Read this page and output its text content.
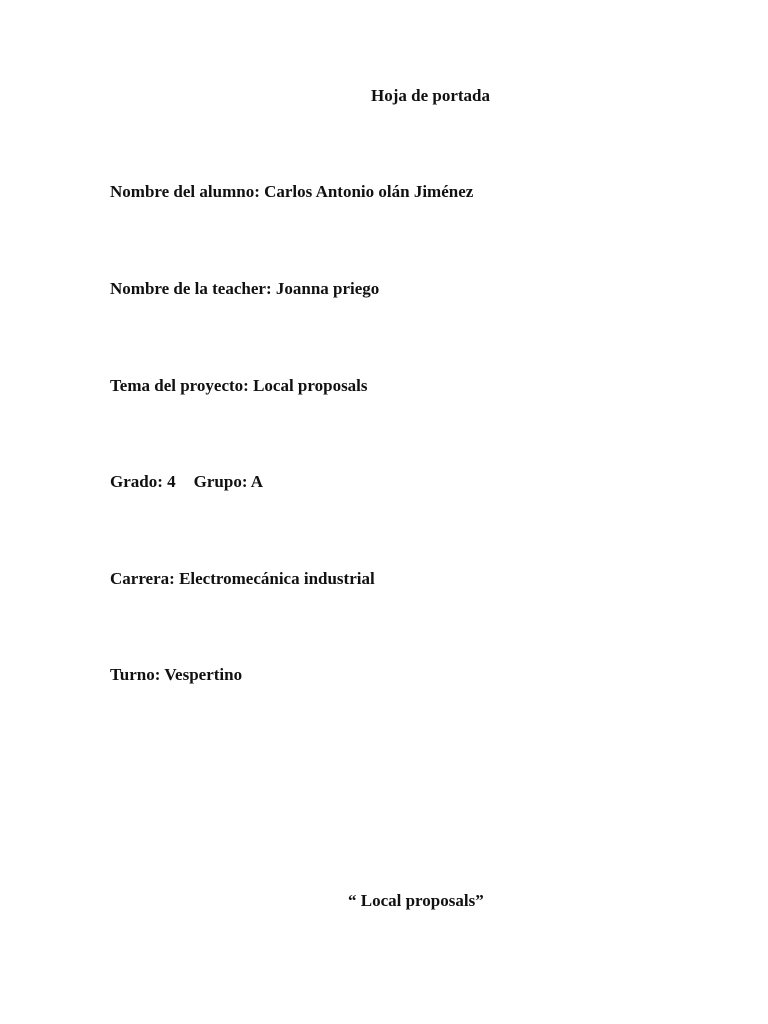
Hoja de portada

Nombre del alumno: Carlos Antonio olán Jiménez

Nombre de la teacher: Joanna priego

Tema del proyecto: Local proposals

Grado: 4 Grupo: A

Carrera: Electromecánica industrial

Turno: Vespertino

“ Local proposals”
